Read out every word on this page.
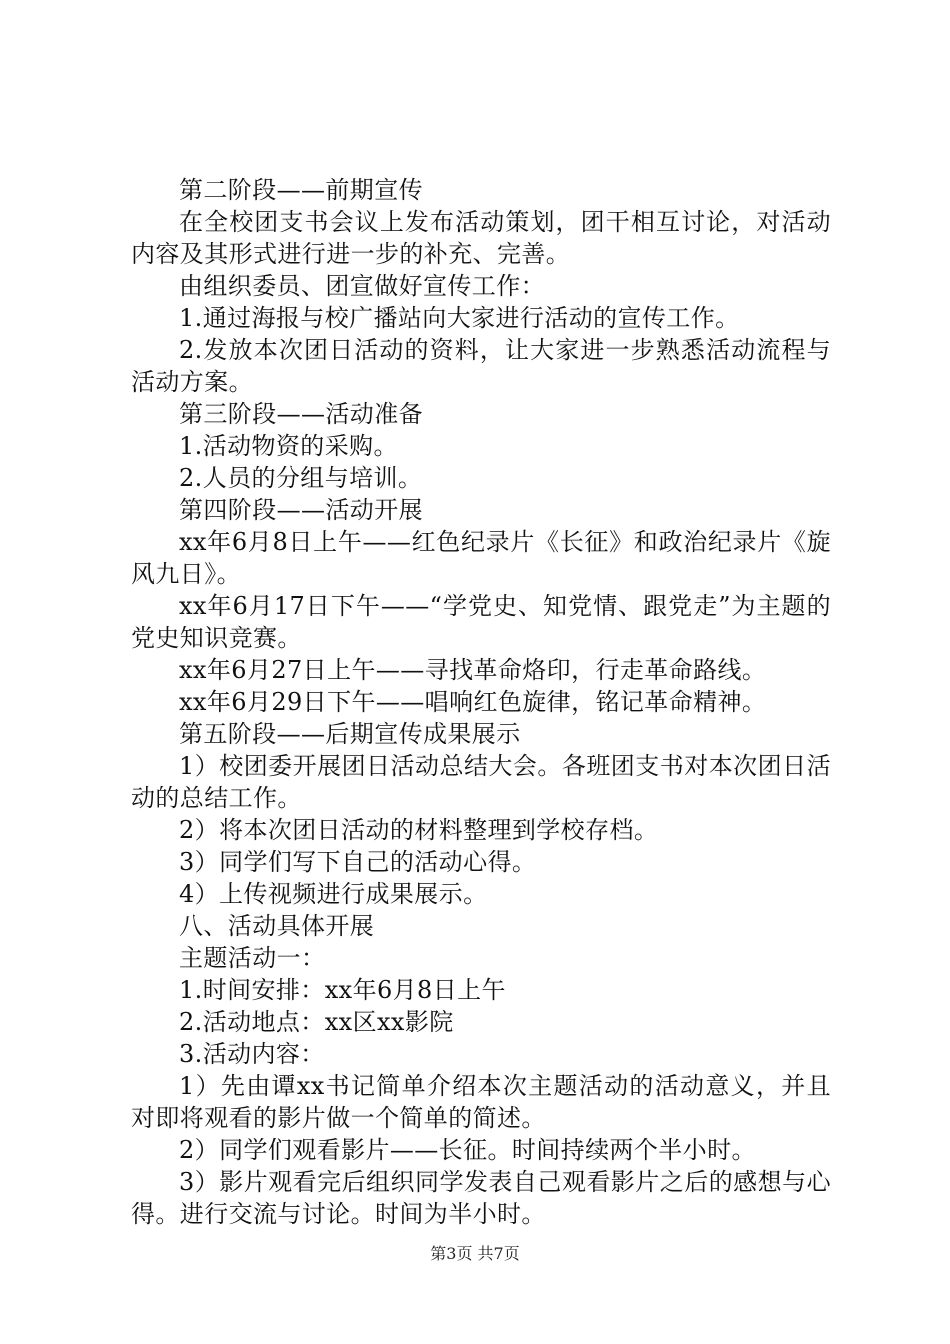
第二阶段——前期宣传

在全校团支书会议上发布活动策划，团干相互讨论，对活动内容及其形式进行进一步的补充、完善。

由组织委员、团宣做好宣传工作：

1.通过海报与校广播站向大家进行活动的宣传工作。

2.发放本次团日活动的资料，让大家进一步熟悉活动流程与活动方案。

第三阶段——活动准备

1.活动物资的采购。

2.人员的分组与培训。

第四阶段——活动开展

xx年6月8日上午——红色纪录片《长征》和政治纪录片《旋风九日》。

xx年6月17日下午——“学党史、知党情、跟党走”为主题的党史知识竞赛。

xx年6月27日上午——寻找革命烙印，行走革命路线。

xx年6月29日下午——唱响红色旋律，铭记革命精神。

第五阶段——后期宣传成果展示

1）校团委开展团日活动总结大会。各班团支书对本次团日活动的总结工作。

2）将本次团日活动的材料整理到学校存档。

3）同学们写下自己的活动心得。

4）上传视频进行成果展示。

八、活动具体开展

主题活动一：

1.时间安排：xx年6月8日上午

2.活动地点：xx区xx影院

3.活动内容：

1）先由谭xx书记简单介绍本次主题活动的活动意义，并且对即将观看的影片做一个简单的简述。

2）同学们观看影片——长征。时间持续两个半小时。

3）影片观看完后组织同学发表自己观看影片之后的感想与心得。进行交流与讨论。时间为半小时。

第3页 共7页
